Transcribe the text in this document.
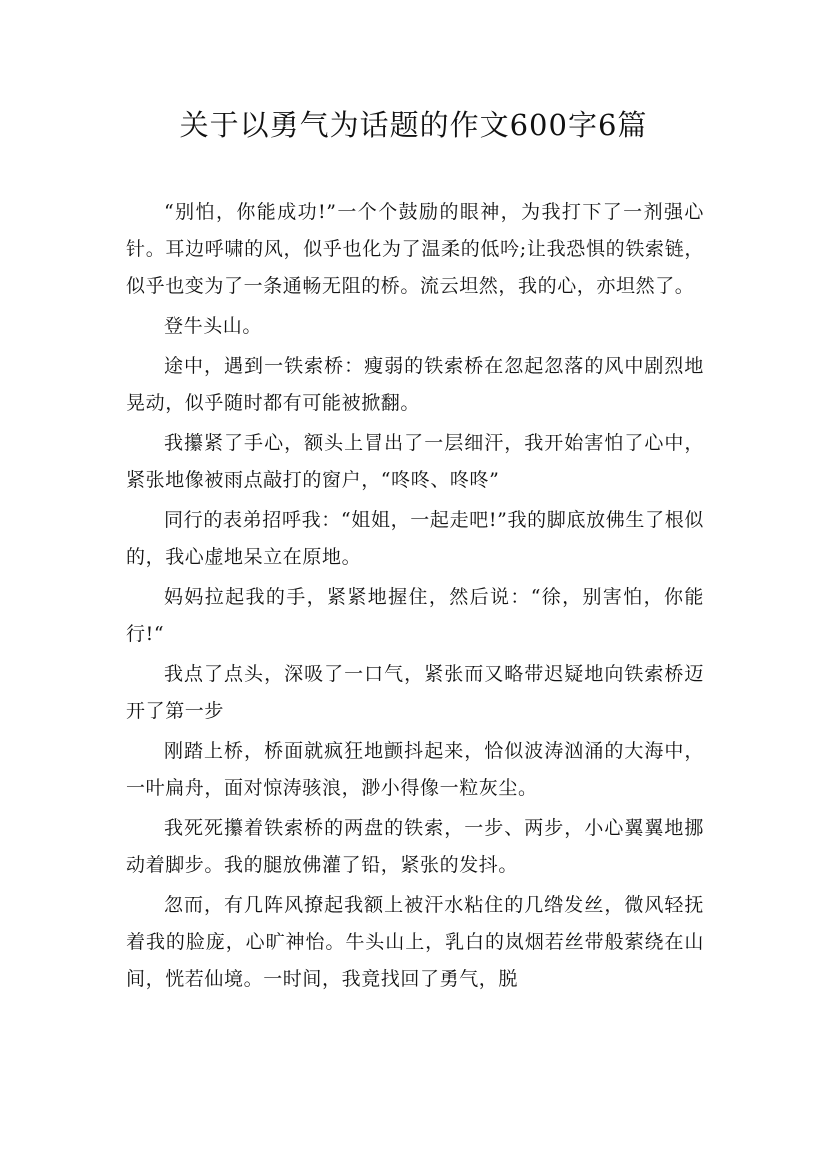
关于以勇气为话题的作文600字6篇

“别怕，你能成功!”一个个鼓励的眼神，为我打下了一剂强心针。耳边呼啸的风，似乎也化为了温柔的低吟;让我恐惧的铁索链，似乎也变为了一条通畅无阻的桥。流云坦然，我的心，亦坦然了。

登牛头山。

途中，遇到一铁索桥：瘦弱的铁索桥在忽起忽落的风中剧烈地晃动，似乎随时都有可能被掀翻。

我攥紧了手心，额头上冒出了一层细汗，我开始害怕了心中，紧张地像被雨点敲打的窗户，“咚咚、咚咚”

同行的表弟招呼我：“姐姐，一起走吧!”我的脚底放佛生了根似的，我心虚地呆立在原地。

妈妈拉起我的手，紧紧地握住，然后说：“徐，别害怕，你能行!“

我点了点头，深吸了一口气，紧张而又略带迟疑地向铁索桥迈开了第一步

刚踏上桥，桥面就疯狂地颤抖起来，恰似波涛汹涌的大海中，一叶扁舟，面对惊涛骇浪，渺小得像一粒灰尘。

我死死攥着铁索桥的两盘的铁索，一步、两步，小心翼翼地挪动着脚步。我的腿放佛灌了铅，紧张的发抖。

忽而，有几阵风撩起我额上被汗水粘住的几绺发丝，微风轻抚着我的脸庞，心旷神怡。牛头山上，乳白的岚烟若丝带般萦绕在山间，恍若仙境。一时间，我竟找回了勇气，脱
